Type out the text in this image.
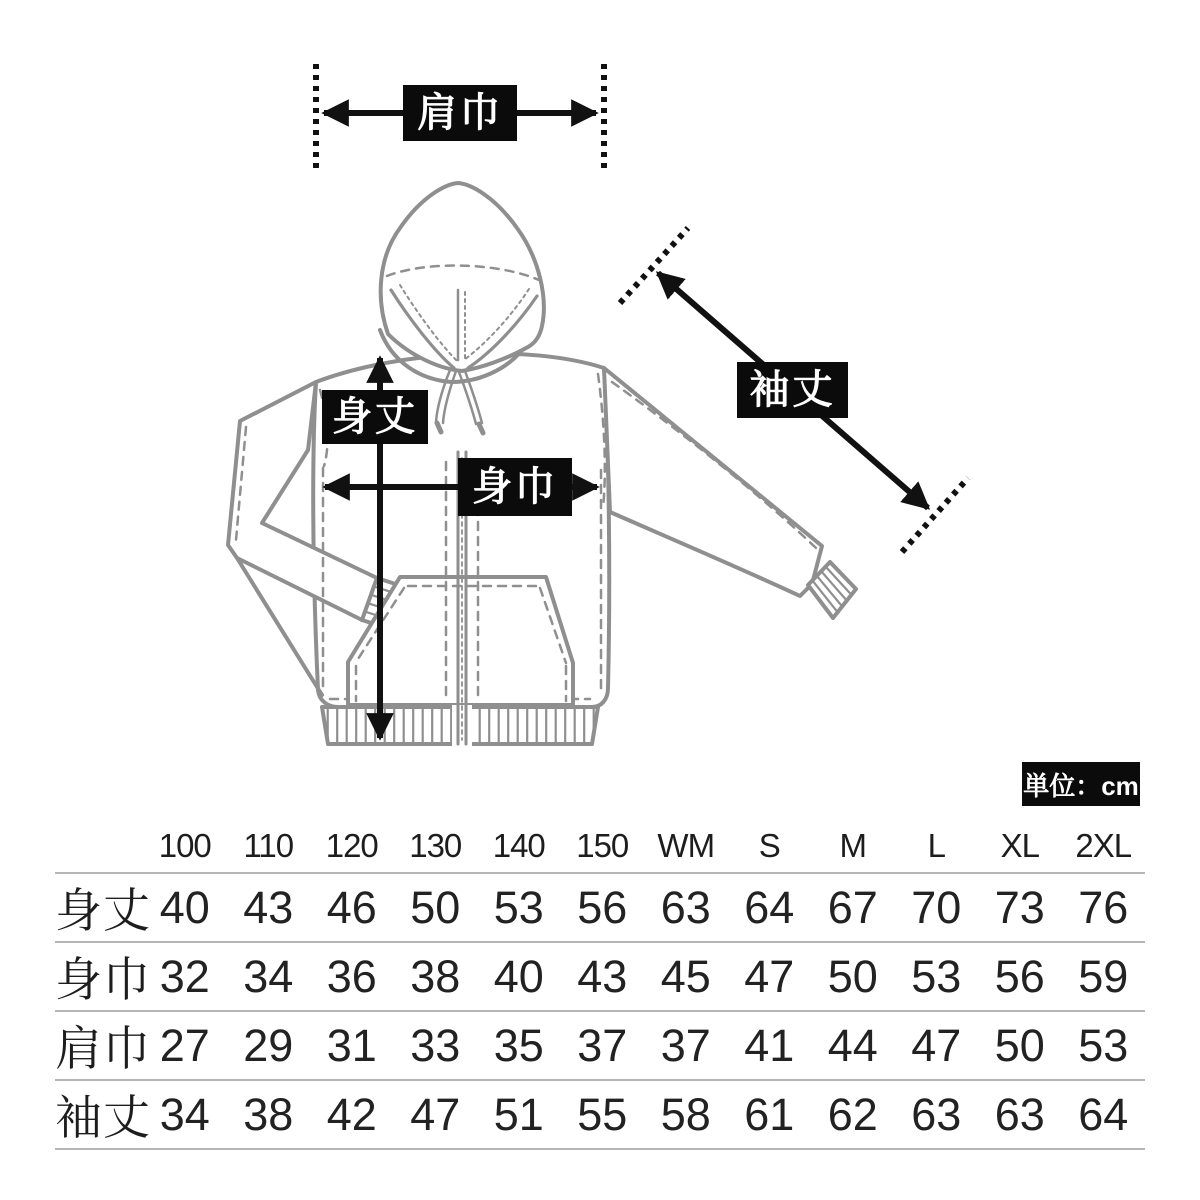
肩巾
身丈
身巾
袖丈
単位：cm
	100	110	120	130	140	150	WM	S	M	L	XL	2XL
身丈	40	43	46	50	53	56	63	64	67	70	73	76
身巾	32	34	36	38	40	43	45	47	50	53	56	59
肩巾	27	29	31	33	35	37	37	41	44	47	50	53
袖丈	34	38	42	47	51	55	58	61	62	63	63	64
